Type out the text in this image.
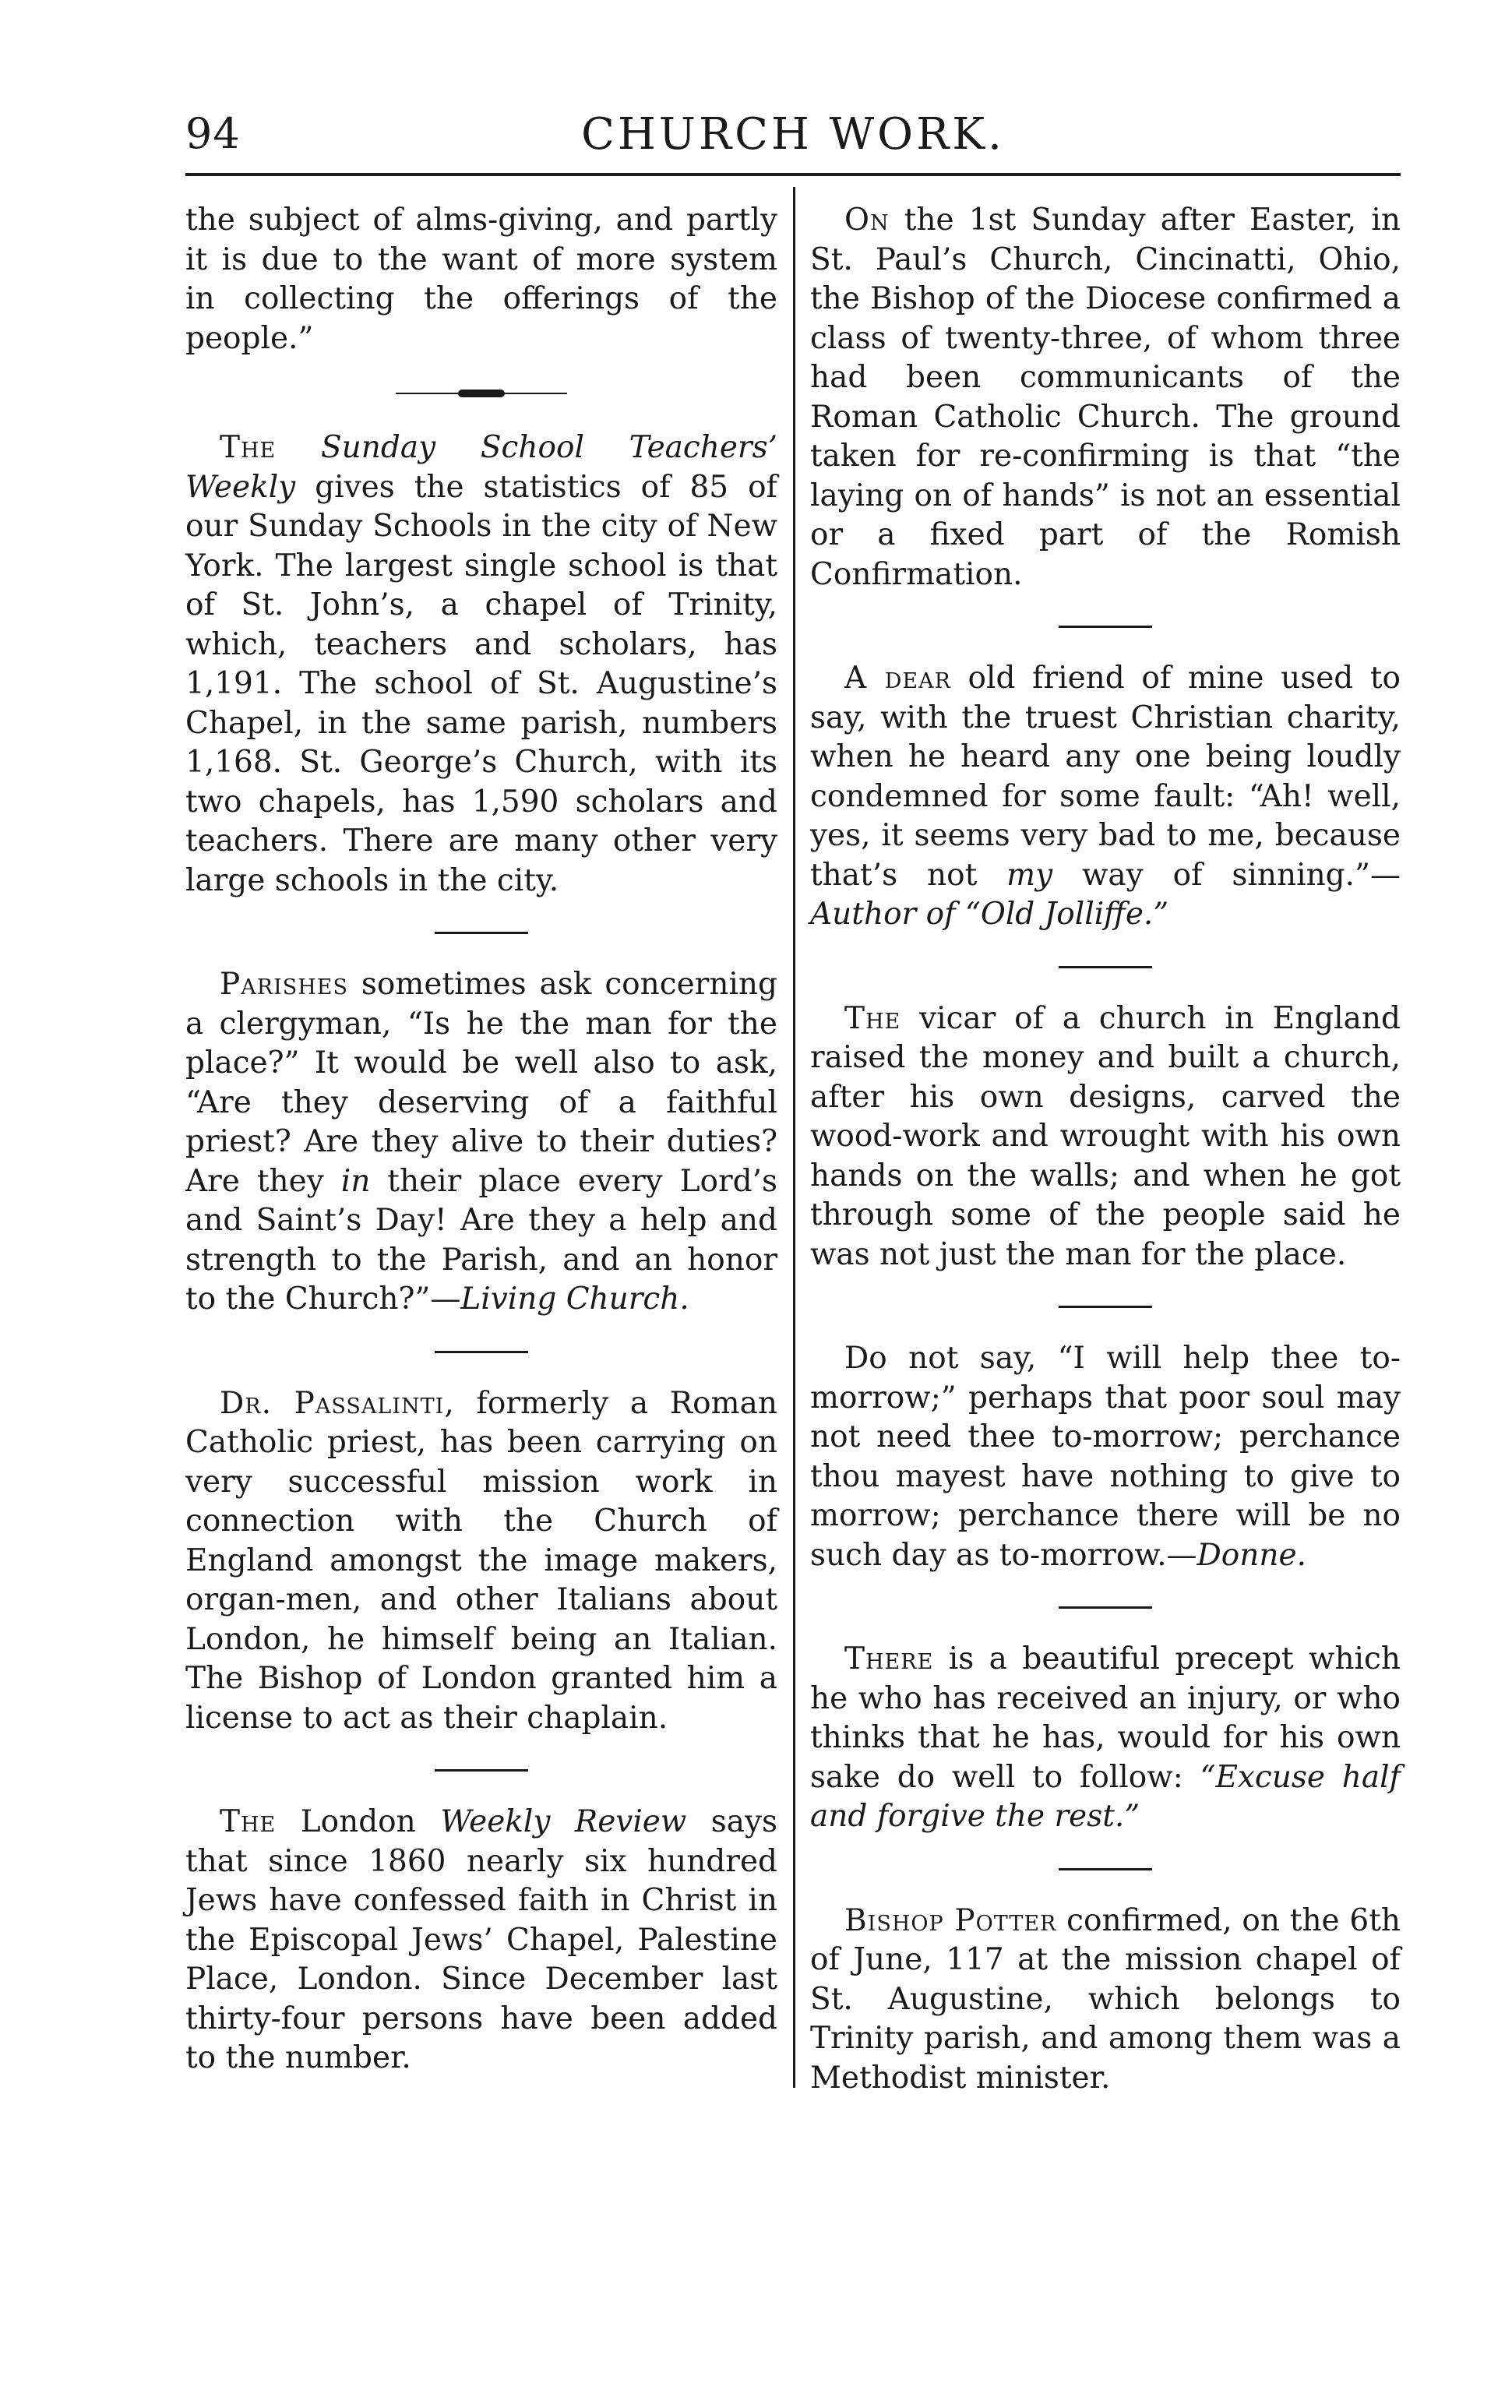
94	CHURCH WORK.

the subject of alms-giving, and partly it is due to the want of more system in collecting the offerings of the people.”

The Sunday School Teachers’ Weekly gives the statistics of 85 of our Sunday Schools in the city of New York. The largest single school is that of St. John’s, a chapel of Trinity, which, teachers and scholars, has 1,191. The school of St. Augustine’s Chapel, in the same parish, numbers 1,168. St. George’s Church, with its two chapels, has 1,590 scholars and teachers. There are many other very large schools in the city.

Parishes sometimes ask concerning a clergyman, “Is he the man for the place?” It would be well also to ask, “Are they deserving of a faithful priest? Are they alive to their duties? Are they in their place every Lord’s and Saint’s Day! Are they a help and strength to the Parish, and an honor to the Church?”—Living Church.

Dr. Passalinti, formerly a Roman Catholic priest, has been carrying on very successful mission work in connection with the Church of England amongst the image makers, organ-men, and other Italians about London, he himself being an Italian. The Bishop of London granted him a license to act as their chaplain.

The London Weekly Review says that since 1860 nearly six hundred Jews have confessed faith in Christ in the Episcopal Jews’ Chapel, Palestine Place, London. Since December last thirty-four persons have been added to the number.

On the 1st Sunday after Easter, in St. Paul’s Church, Cincinatti, Ohio, the Bishop of the Diocese confirmed a class of twenty-three, of whom three had been communicants of the Roman Catholic Church. The ground taken for re-confirming is that “the laying on of hands” is not an essential or a fixed part of the Romish Confirmation.

A dear old friend of mine used to say, with the truest Christian charity, when he heard any one being loudly condemned for some fault: “Ah! well, yes, it seems very bad to me, because that’s not my way of sinning.”—Author of “Old Jolliffe.”

The vicar of a church in England raised the money and built a church, after his own designs, carved the wood-work and wrought with his own hands on the walls; and when he got through some of the people said he was not just the man for the place.

Do not say, “I will help thee to-morrow;” perhaps that poor soul may not need thee to-morrow; perchance thou mayest have nothing to give to morrow; perchance there will be no such day as to-morrow.—Donne.

There is a beautiful precept which he who has received an injury, or who thinks that he has, would for his own sake do well to follow: “Excuse half and forgive the rest.”

Bishop Potter confirmed, on the 6th of June, 117 at the mission chapel of St. Augustine, which belongs to Trinity parish, and among them was a Methodist minister.
